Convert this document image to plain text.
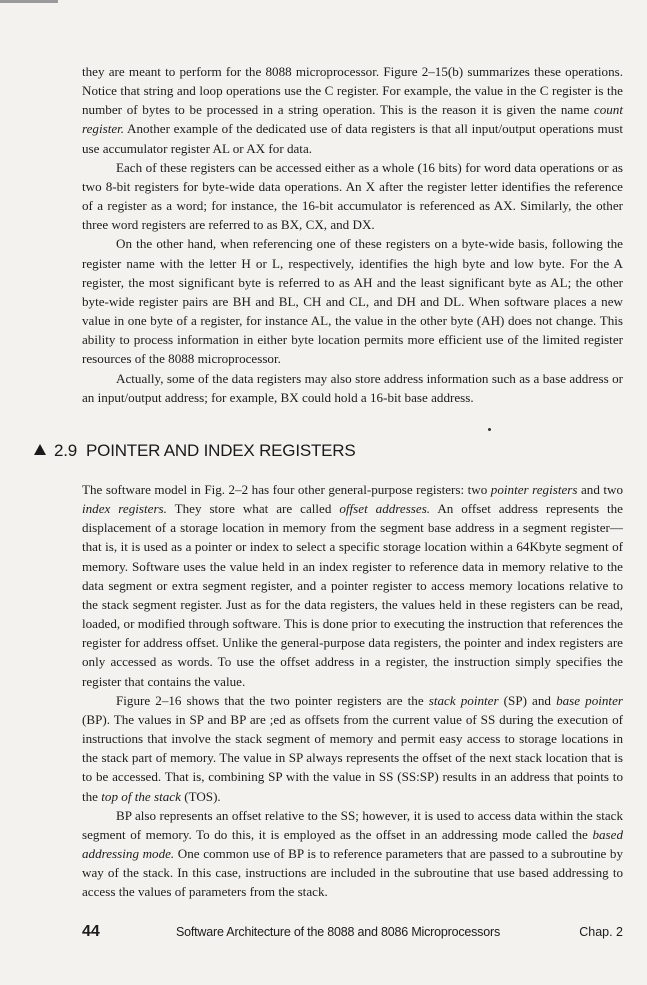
they are meant to perform for the 8088 microprocessor. Figure 2–15(b) summarizes these operations. Notice that string and loop operations use the C register. For example, the value in the C register is the number of bytes to be processed in a string operation. This is the reason it is given the name count register. Another example of the dedicated use of data registers is that all input/output operations must use accumulator register AL or AX for data.

Each of these registers can be accessed either as a whole (16 bits) for word data operations or as two 8-bit registers for byte-wide data operations. An X after the register letter identifies the reference of a register as a word; for instance, the 16-bit accumulator is referenced as AX. Similarly, the other three word registers are referred to as BX, CX, and DX.

On the other hand, when referencing one of these registers on a byte-wide basis, following the register name with the letter H or L, respectively, identifies the high byte and low byte. For the A register, the most significant byte is referred to as AH and the least significant byte as AL; the other byte-wide register pairs are BH and BL, CH and CL, and DH and DL. When software places a new value in one byte of a register, for instance AL, the value in the other byte (AH) does not change. This ability to process information in either byte location permits more efficient use of the limited register resources of the 8088 microprocessor.

Actually, some of the data registers may also store address information such as a base address or an input/output address; for example, BX could hold a 16-bit base address.

2.9 POINTER AND INDEX REGISTERS

The software model in Fig. 2–2 has four other general-purpose registers: two pointer registers and two index registers. They store what are called offset addresses. An offset address represents the displacement of a storage location in memory from the segment base address in a segment register—that is, it is used as a pointer or index to select a specific storage location within a 64Kbyte segment of memory. Software uses the value held in an index register to reference data in memory relative to the data segment or extra segment register, and a pointer register to access memory locations relative to the stack segment register. Just as for the data registers, the values held in these registers can be read, loaded, or modified through software. This is done prior to executing the instruction that references the register for address offset. Unlike the general-purpose data registers, the pointer and index registers are only accessed as words. To use the offset address in a register, the instruction simply specifies the register that contains the value.

Figure 2–16 shows that the two pointer registers are the stack pointer (SP) and base pointer (BP). The values in SP and BP are ;ed as offsets from the current value of SS during the execution of instructions that involve the stack segment of memory and permit easy access to storage locations in the stack part of memory. The value in SP always represents the offset of the next stack location that is to be accessed. That is, combining SP with the value in SS (SS:SP) results in an address that points to the top of the stack (TOS).

BP also represents an offset relative to the SS; however, it is used to access data within the stack segment of memory. To do this, it is employed as the offset in an addressing mode called the based addressing mode. One common use of BP is to reference parameters that are passed to a subroutine by way of the stack. In this case, instructions are included in the subroutine that use based addressing to access the values of parameters from the stack.

44	Software Architecture of the 8088 and 8086 Microprocessors	Chap. 2
